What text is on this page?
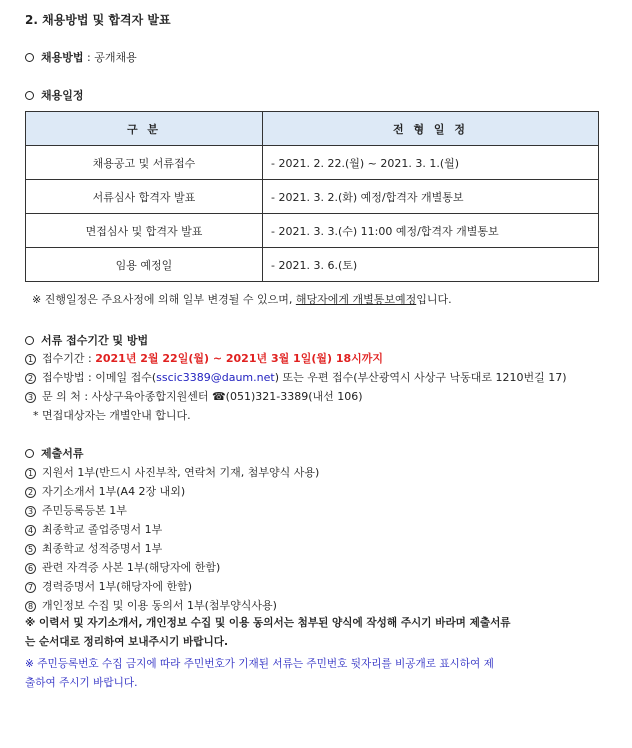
2. 채용방법 및 합격자 발표
채용방법 : 공개채용
채용일정
구 분	전 형 일 정
채용공고 및 서류접수	- 2021. 2. 22.(월) ~ 2021. 3. 1.(월)
서류심사 합격자 발표	- 2021. 3. 2.(화) 예정/합격자 개별통보
면접심사 및 합격자 발표	- 2021. 3. 3.(수) 11:00 예정/합격자 개별통보
임용 예정일	- 2021. 3. 6.(토)
※ 진행일정은 주요사정에 의해 일부 변경될 수 있으며, 해당자에게 개별통보예정입니다.
서류 접수기간 및 방법
1 접수기간 : 2021년 2월 22일(월) ~ 2021년 3월 1일(월) 18시까지
2 접수방법 : 이메일 접수(sscic3389@daum.net) 또는 우편 접수(부산광역시 사상구 낙동대로 1210번길 17)
3 문 의 처 : 사상구육아종합지원센터 ☎(051)321-3389(내선 106)
* 면접대상자는 개별안내 합니다.
제출서류
1 지원서 1부(반드시 사진부착, 연락처 기재, 첨부양식 사용)
2 자기소개서 1부(A4 2장 내외)
3 주민등록등본 1부
4 최종학교 졸업증명서 1부
5 최종학교 성적증명서 1부
6 관련 자격증 사본 1부(해당자에 한함)
7 경력증명서 1부(해당자에 한함)
8 개인정보 수집 및 이용 동의서 1부(첨부양식사용)
※ 이력서 및 자기소개서, 개인정보 수집 및 이용 동의서는 첨부된 양식에 작성해 주시기 바라며 제출서류
는 순서대로 정리하여 보내주시기 바랍니다.
※ 주민등록번호 수집 금지에 따라 주민번호가 기재된 서류는 주민번호 뒷자리를 비공개로 표시하여 제
출하여 주시기 바랍니다.
